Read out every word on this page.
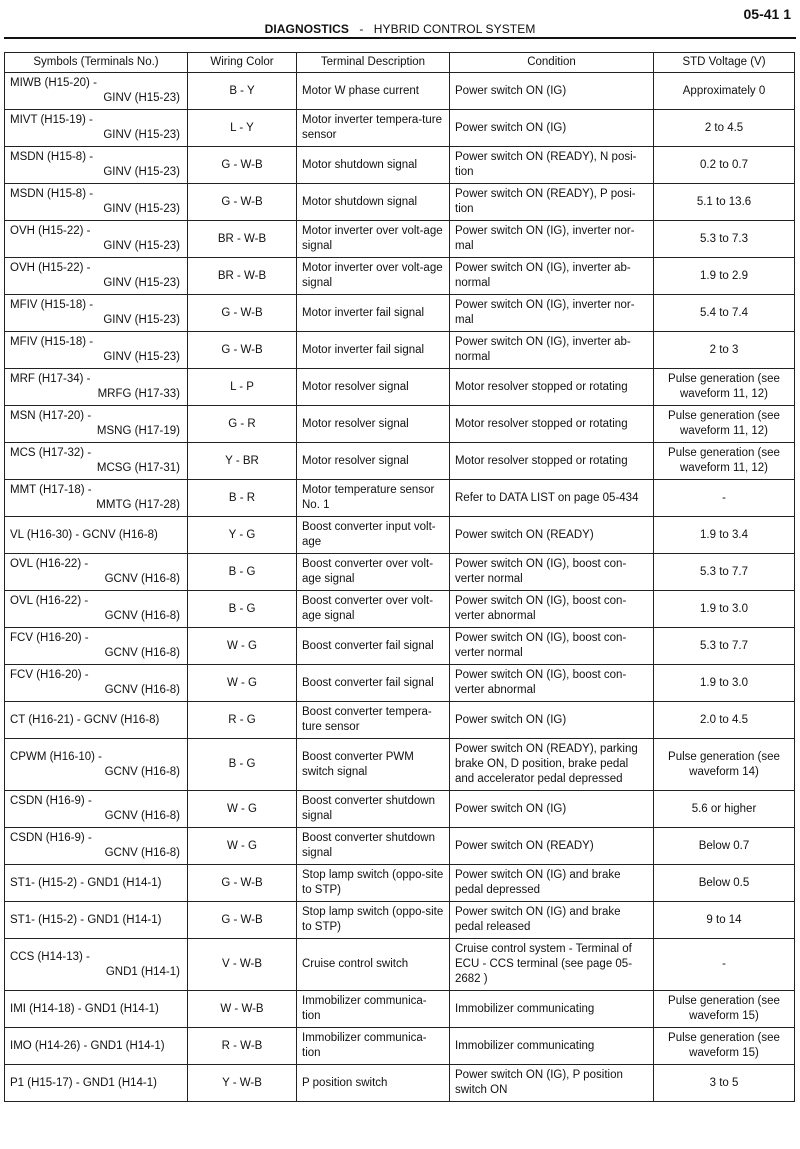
05-41 1
DIAGNOSTICS - HYBRID CONTROL SYSTEM
Symbols (Terminals No.)	Wiring Color	Terminal Description	Condition	STD Voltage (V)

MIWB (H15-20) -
GINV (H15-23)	B - Y	Motor W phase current	Power switch ON (IG)	Approximately 0

MIVT (H15-19) -
GINV (H15-23)	L - Y	Motor inverter tempera-ture sensor	Power switch ON (IG)	2 to 4.5

MSDN (H15-8) -
GINV (H15-23)	G - W-B	Motor shutdown signal	Power switch ON (READY), N posi-tion	0.2 to 0.7

MSDN (H15-8) -
GINV (H15-23)	G - W-B	Motor shutdown signal	Power switch ON (READY), P posi-tion	5.1 to 13.6

OVH (H15-22) -
GINV (H15-23)	BR - W-B	Motor inverter over volt-age signal	Power switch ON (IG), inverter nor-mal	5.3 to 7.3

OVH (H15-22) -
GINV (H15-23)	BR - W-B	Motor inverter over volt-age signal	Power switch ON (IG), inverter ab-normal	1.9 to 2.9

MFIV (H15-18) -
GINV (H15-23)	G - W-B	Motor inverter fail signal	Power switch ON (IG), inverter nor-mal	5.4 to 7.4

MFIV (H15-18) -
GINV (H15-23)	G - W-B	Motor inverter fail signal	Power switch ON (IG), inverter ab-normal	2 to 3

MRF (H17-34) -
MRFG (H17-33)	L - P	Motor resolver signal	Motor resolver stopped or rotating	Pulse generation (see waveform 11, 12)

MSN (H17-20) -
MSNG (H17-19)	G - R	Motor resolver signal	Motor resolver stopped or rotating	Pulse generation (see waveform 11, 12)

MCS (H17-32) -
MCSG (H17-31)	Y - BR	Motor resolver signal	Motor resolver stopped or rotating	Pulse generation (see waveform 11, 12)

MMT (H17-18) -
MMTG (H17-28)	B - R	Motor temperature sensor No. 1	Refer to DATA LIST on page 05-434	-

VL (H16-30) - GCNV (H16-8)	Y - G	Boost converter input volt-age	Power switch ON (READY)	1.9 to 3.4

OVL (H16-22) -
GCNV (H16-8)	B - G	Boost converter over volt-age signal	Power switch ON (IG), boost con-verter normal	5.3 to 7.7

OVL (H16-22) -
GCNV (H16-8)	B - G	Boost converter over volt-age signal	Power switch ON (IG), boost con-verter abnormal	1.9 to 3.0

FCV (H16-20) -
GCNV (H16-8)	W - G	Boost converter fail signal	Power switch ON (IG), boost con-verter normal	5.3 to 7.7

FCV (H16-20) -
GCNV (H16-8)	W - G	Boost converter fail signal	Power switch ON (IG), boost con-verter abnormal	1.9 to 3.0

CT (H16-21) - GCNV (H16-8)	R - G	Boost converter tempera-ture sensor	Power switch ON (IG)	2.0 to 4.5

CPWM (H16-10) -
GCNV (H16-8)	B - G	Boost converter PWM switch signal	Power switch ON (READY), parking brake ON, D position, brake pedal and accelerator pedal depressed	Pulse generation (see waveform 14)

CSDN (H16-9) -
GCNV (H16-8)	W - G	Boost converter shutdown signal	Power switch ON (IG)	5.6 or higher

CSDN (H16-9) -
GCNV (H16-8)	W - G	Boost converter shutdown signal	Power switch ON (READY)	Below 0.7

ST1- (H15-2) - GND1 (H14-1)	G - W-B	Stop lamp switch (oppo-site to STP)	Power switch ON (IG) and brake pedal depressed	Below 0.5

ST1- (H15-2) - GND1 (H14-1)	G - W-B	Stop lamp switch (oppo-site to STP)	Power switch ON (IG) and brake pedal released	9 to 14

CCS (H14-13) -
GND1 (H14-1)	V - W-B	Cruise control switch	Cruise control system - Terminal of ECU - CCS terminal (see page 05-2682 )	-

IMI (H14-18) - GND1 (H14-1)	W - W-B	Immobilizer communica-tion	Immobilizer communicating	Pulse generation (see waveform 15)

IMO (H14-26) - GND1 (H14-1)	R - W-B	Immobilizer communica-tion	Immobilizer communicating	Pulse generation (see waveform 15)

P1 (H15-17) - GND1 (H14-1)	Y - W-B	P position switch	Power switch ON (IG), P position switch ON	3 to 5
